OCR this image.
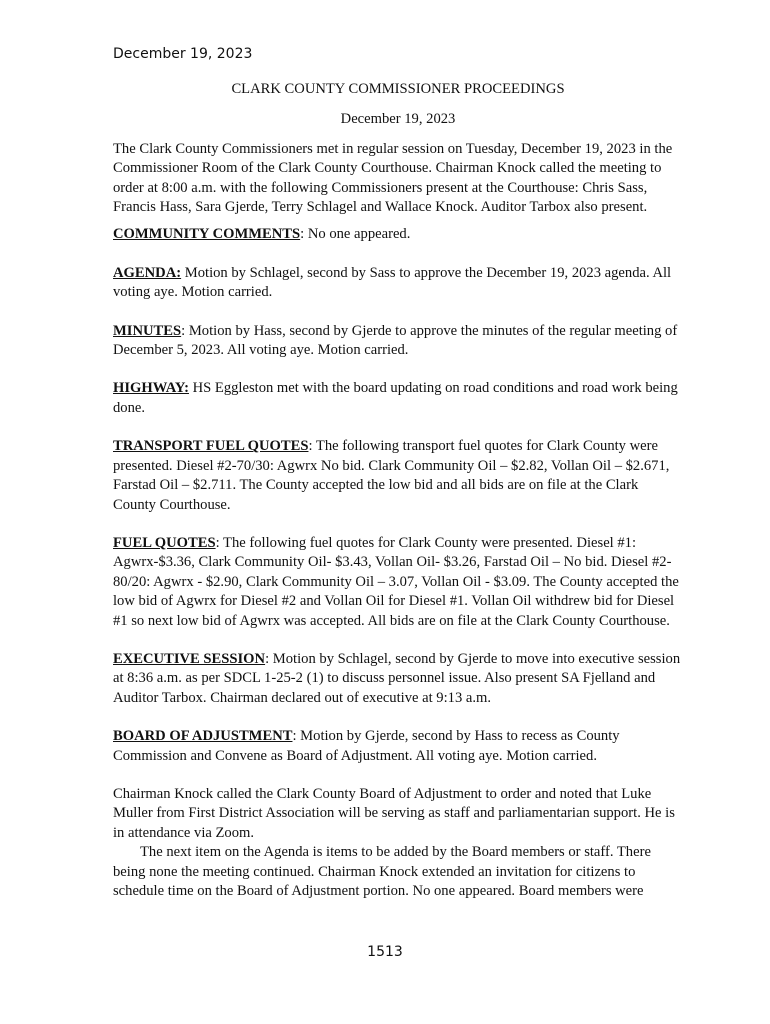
December 19, 2023

CLARK COUNTY COMMISSIONER PROCEEDINGS

December 19, 2023

The Clark County Commissioners met in regular session on Tuesday, December 19, 2023 in the Commissioner Room of the Clark County Courthouse. Chairman Knock called the meeting to order at 8:00 a.m. with the following Commissioners present at the Courthouse: Chris Sass, Francis Hass, Sara Gjerde, Terry Schlagel and Wallace Knock. Auditor Tarbox also present.

COMMUNITY COMMENTS: No one appeared.

AGENDA: Motion by Schlagel, second by Sass to approve the December 19, 2023 agenda. All voting aye. Motion carried.

MINUTES: Motion by Hass, second by Gjerde to approve the minutes of the regular meeting of December 5, 2023. All voting aye. Motion carried.

HIGHWAY: HS Eggleston met with the board updating on road conditions and road work being done.

TRANSPORT FUEL QUOTES: The following transport fuel quotes for Clark County were presented. Diesel #2-70/30: Agwrx No bid. Clark Community Oil – $2.82, Vollan Oil – $2.671, Farstad Oil – $2.711. The County accepted the low bid and all bids are on file at the Clark County Courthouse.

FUEL QUOTES: The following fuel quotes for Clark County were presented. Diesel #1: Agwrx-$3.36, Clark Community Oil- $3.43, Vollan Oil- $3.26, Farstad Oil – No bid. Diesel #2-80/20: Agwrx - $2.90, Clark Community Oil – 3.07, Vollan Oil - $3.09. The County accepted the low bid of Agwrx for Diesel #2 and Vollan Oil for Diesel #1. Vollan Oil withdrew bid for Diesel #1 so next low bid of Agwrx was accepted. All bids are on file at the Clark County Courthouse.

EXECUTIVE SESSION: Motion by Schlagel, second by Gjerde to move into executive session at 8:36 a.m. as per SDCL 1-25-2 (1) to discuss personnel issue. Also present SA Fjelland and Auditor Tarbox. Chairman declared out of executive at 9:13 a.m.

BOARD OF ADJUSTMENT: Motion by Gjerde, second by Hass to recess as County Commission and Convene as Board of Adjustment. All voting aye. Motion carried.

Chairman Knock called the Clark County Board of Adjustment to order and noted that Luke Muller from First District Association will be serving as staff and parliamentarian support. He is in attendance via Zoom.

The next item on the Agenda is items to be added by the Board members or staff. There being none the meeting continued. Chairman Knock extended an invitation for citizens to schedule time on the Board of Adjustment portion. No one appeared. Board members were

1513
